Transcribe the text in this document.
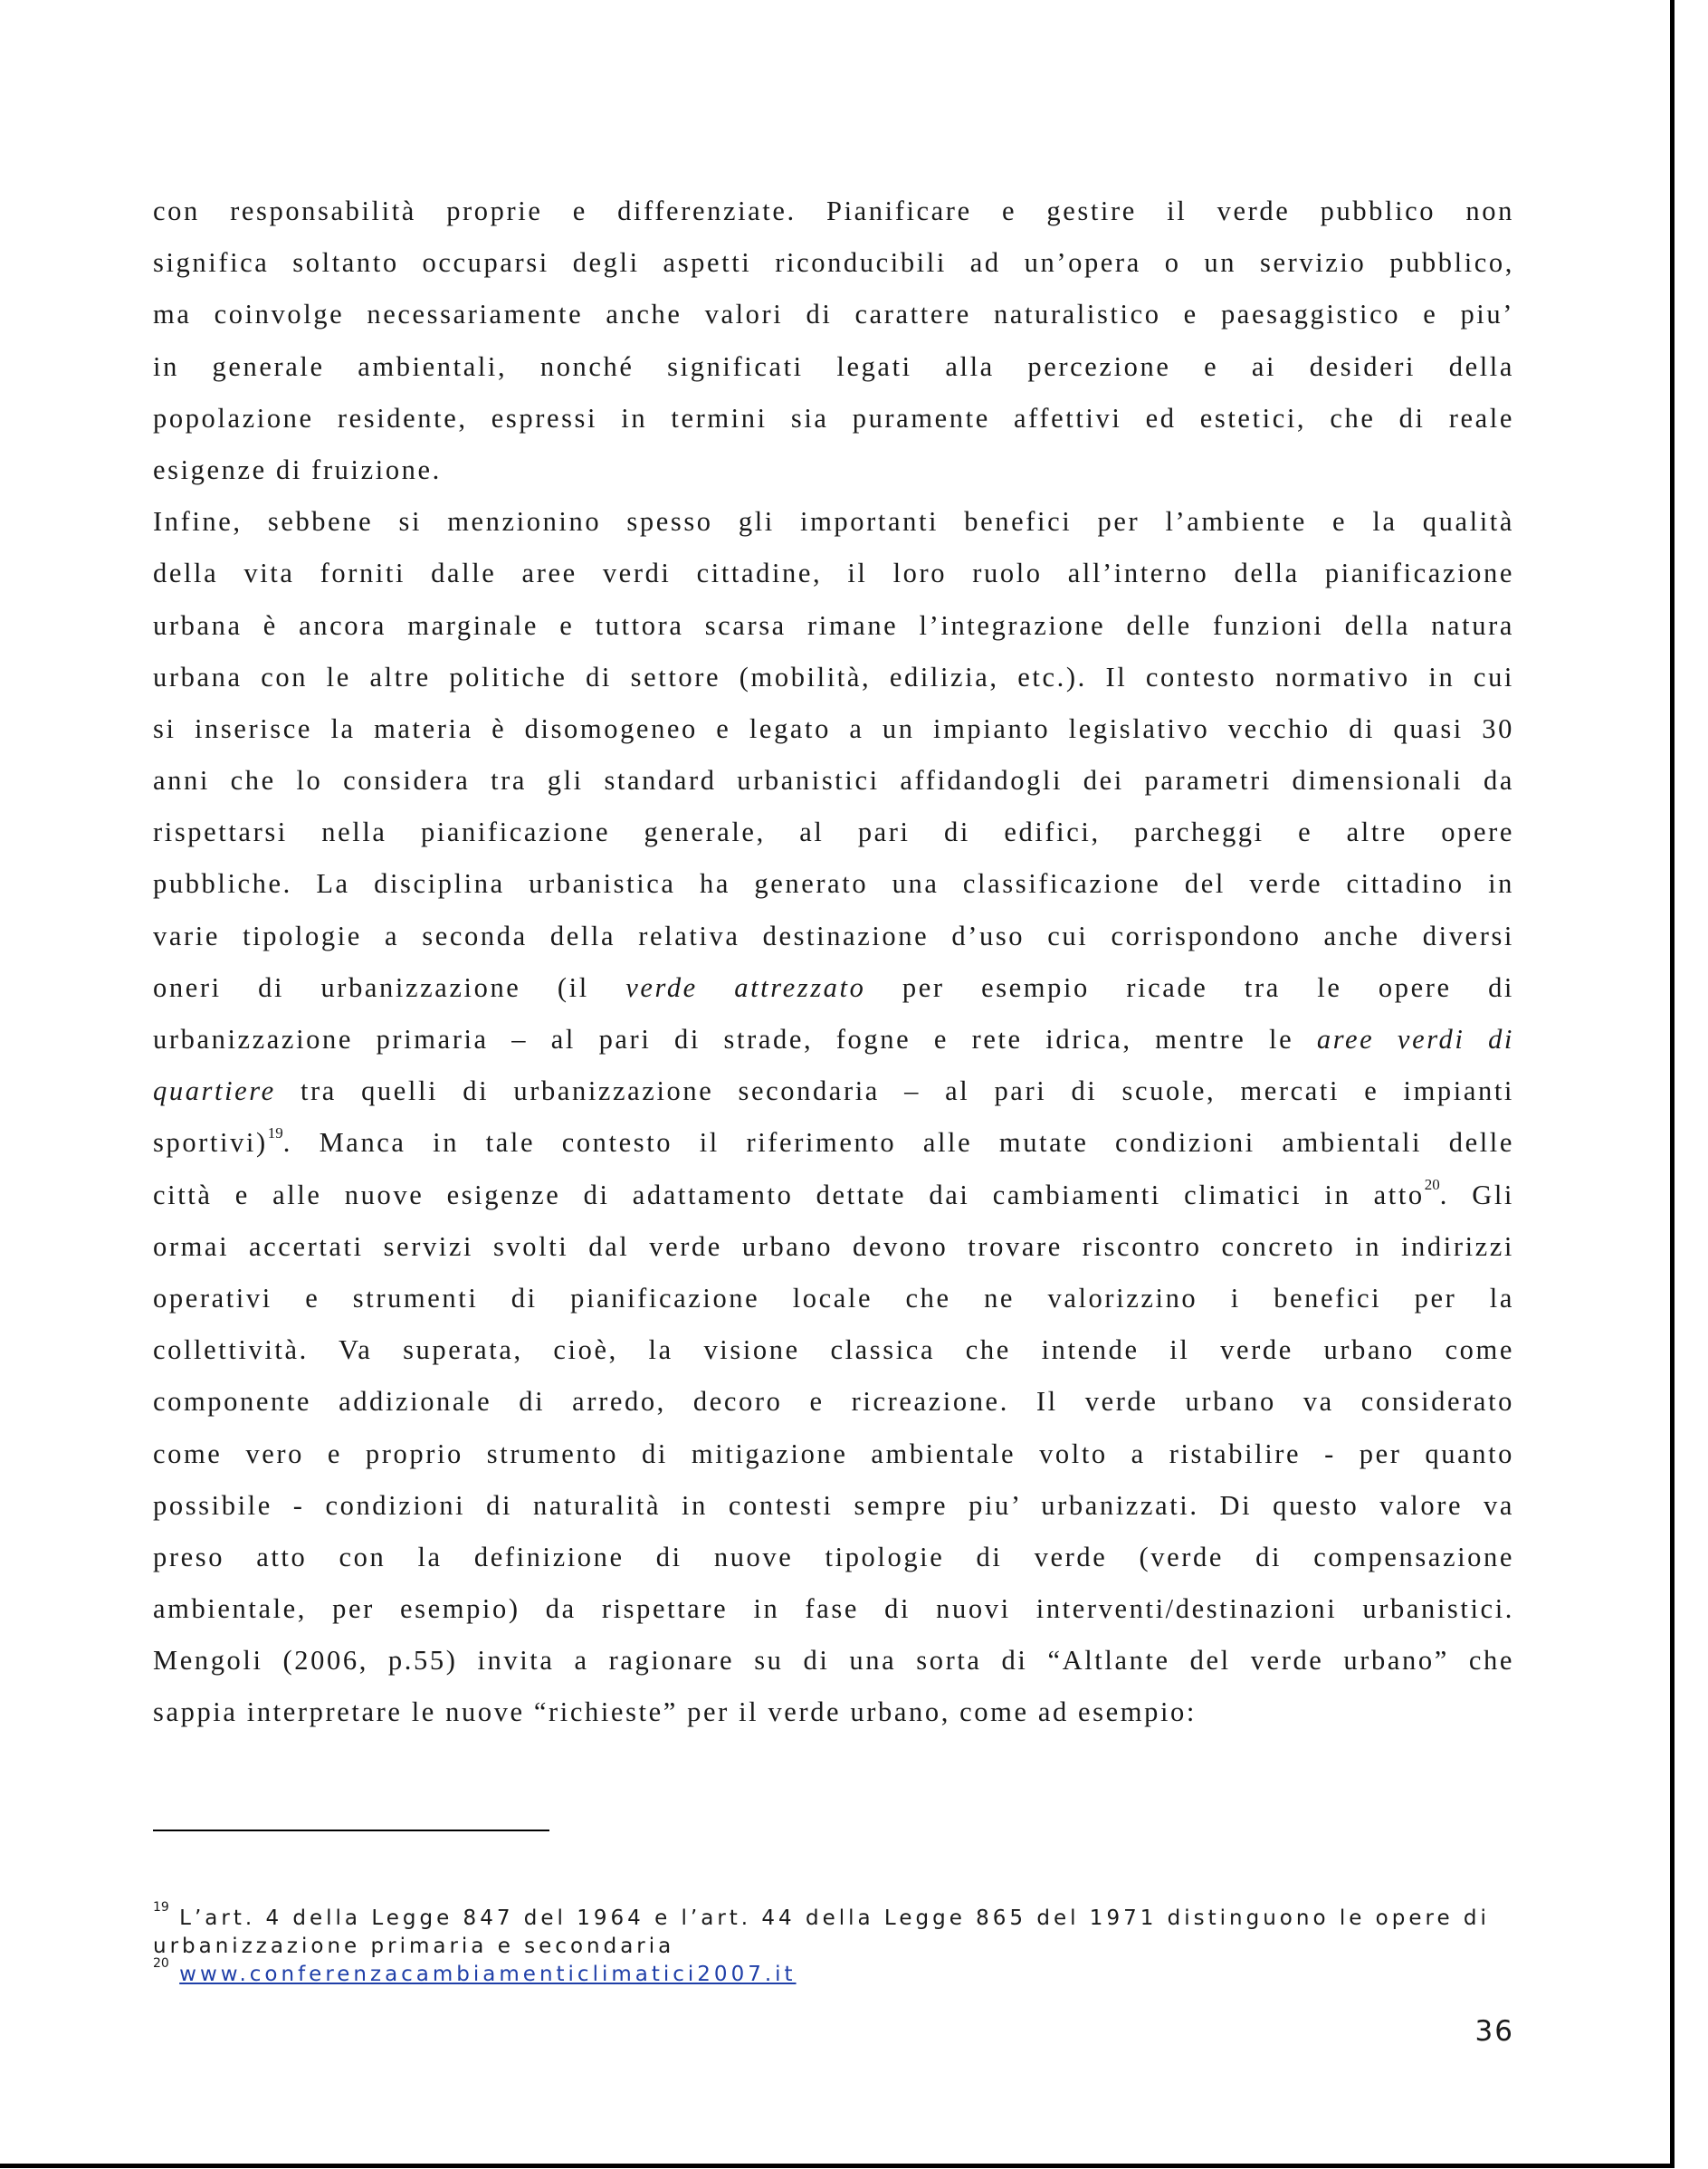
con responsabilità proprie e differenziate. Pianificare e gestire il verde pubblico non
significa soltanto occuparsi degli aspetti riconducibili ad un’opera o un servizio pubblico,
ma coinvolge necessariamente anche valori di carattere naturalistico e paesaggistico e piu’
in generale ambientali, nonché significati legati alla percezione e ai desideri della
popolazione residente, espressi in termini sia puramente affettivi ed estetici, che di reale
esigenze di fruizione.
Infine, sebbene si menzionino spesso gli importanti benefici per l’ambiente e la qualità
della vita forniti dalle aree verdi cittadine, il loro ruolo all’interno della pianificazione
urbana è ancora marginale e tuttora scarsa rimane l’integrazione delle funzioni della natura
urbana con le altre politiche di settore (mobilità, edilizia, etc.). Il contesto normativo in cui
si inserisce la materia è disomogeneo e legato a un impianto legislativo vecchio di quasi 30
anni che lo considera tra gli standard urbanistici affidandogli dei parametri dimensionali da
rispettarsi nella pianificazione generale, al pari di edifici, parcheggi e altre opere
pubbliche. La disciplina urbanistica ha generato una classificazione del verde cittadino in
varie tipologie a seconda della relativa destinazione d’uso cui corrispondono anche diversi
oneri di urbanizzazione (il verde attrezzato per esempio ricade tra le opere di
urbanizzazione primaria – al pari di strade, fogne e rete idrica, mentre le aree verdi di
quartiere tra quelli di urbanizzazione secondaria – al pari di scuole, mercati e impianti
sportivi)$^{19}$. Manca in tale contesto il riferimento alle mutate condizioni ambientali delle
città e alle nuove esigenze di adattamento dettate dai cambiamenti climatici in atto$^{20}$. Gli
ormai accertati servizi svolti dal verde urbano devono trovare riscontro concreto in indirizzi
operativi e strumenti di pianificazione locale che ne valorizzino i benefici per la
collettività. Va superata, cioè, la visione classica che intende il verde urbano come
componente addizionale di arredo, decoro e ricreazione. Il verde urbano va considerato
come vero e proprio strumento di mitigazione ambientale volto a ristabilire - per quanto
possibile - condizioni di naturalità in contesti sempre piu’ urbanizzati. Di questo valore va
preso atto con la definizione di nuove tipologie di verde (verde di compensazione
ambientale, per esempio) da rispettare in fase di nuovi interventi/destinazioni urbanistici.
Mengoli (2006, p.55) invita a ragionare su di una sorta di “Altlante del verde urbano” che
sappia interpretare le nuove “richieste” per il verde urbano, come ad esempio:
$^{19}$ L’art. 4 della Legge 847 del 1964 e l’art. 44 della Legge 865 del 1971 distinguono le opere di
urbanizzazione primaria e secondaria
$^{20}$ www.conferenzacambiamenticlimatici2007.it
36
